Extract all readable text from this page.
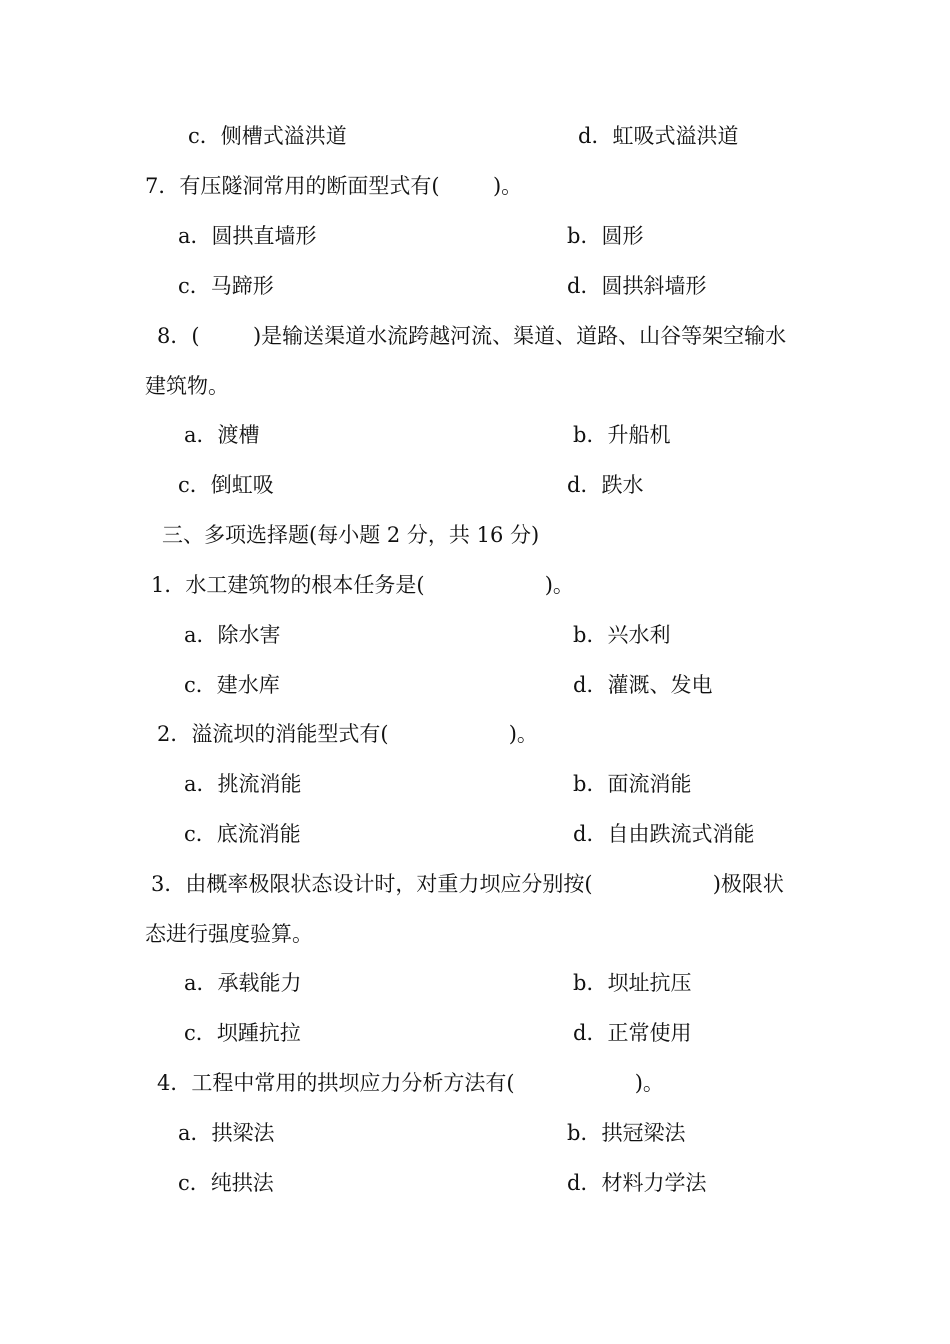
c．侧槽式溢洪道	d．虹吸式溢洪道
7．有压隧洞常用的断面型式有(        )。
a．圆拱直墙形	b．圆形
c．马蹄形	d．圆拱斜墙形
8．(        )是输送渠道水流跨越河流、渠道、道路、山谷等架空输水
建筑物。
a．渡槽	b．升船机
c．倒虹吸	d．跌水
三、多项选择题(每小题 2 分，共 16 分)
1．水工建筑物的根本任务是(                  )。
a．除水害	b．兴水利
c．建水库	d．灌溉、发电
2．溢流坝的消能型式有(                  )。
a．挑流消能	b．面流消能
c．底流消能	d．自由跌流式消能
3．由概率极限状态设计时，对重力坝应分别按(                  )极限状
态进行强度验算。
a．承载能力	b．坝址抗压
c．坝踵抗拉	d．正常使用
4．工程中常用的拱坝应力分析方法有(                  )。
a．拱梁法	b．拱冠梁法
c．纯拱法	d．材料力学法
